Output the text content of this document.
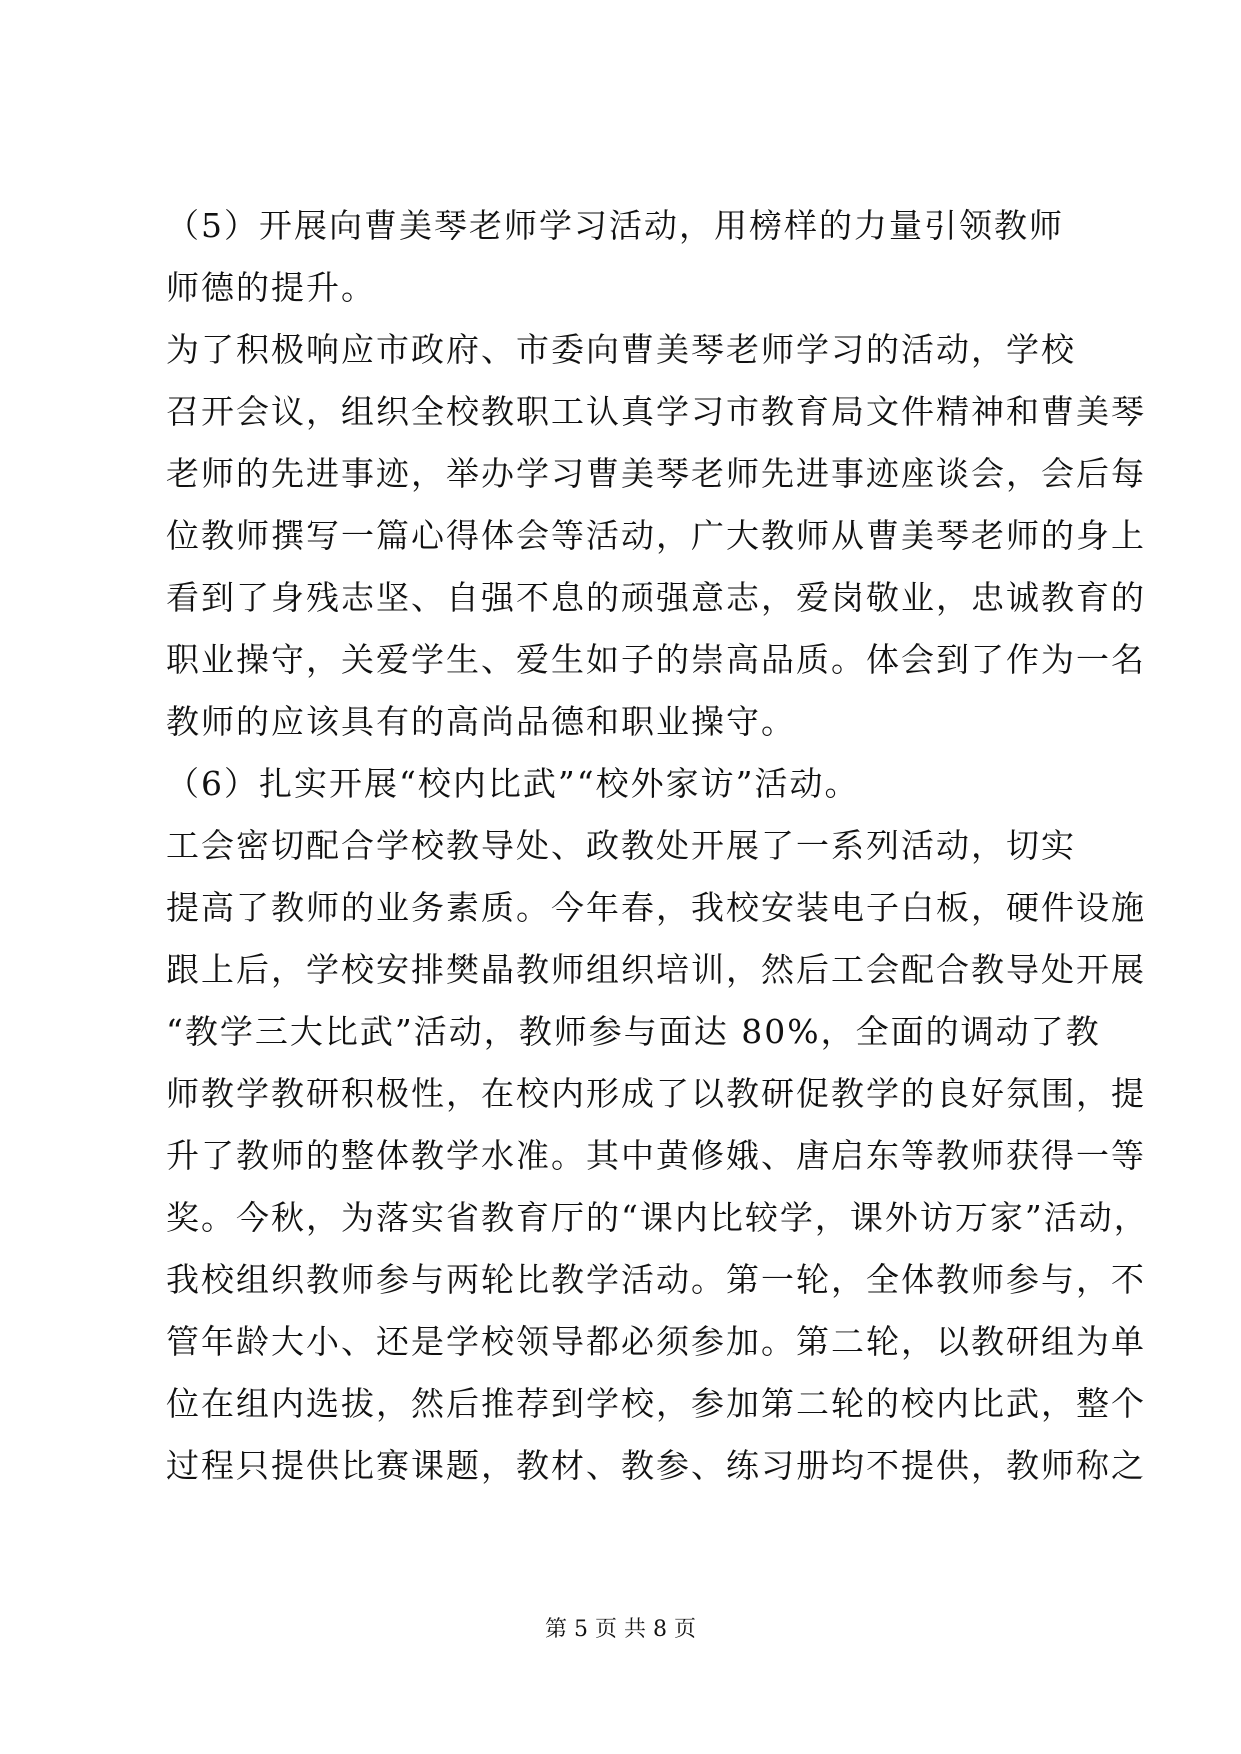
（5）开展向曹美琴老师学习活动，用榜样的力量引领教师
师德的提升。
为了积极响应市政府、市委向曹美琴老师学习的活动，学校
召开会议，组织全校教职工认真学习市教育局文件精神和曹美琴
老师的先进事迹，举办学习曹美琴老师先进事迹座谈会，会后每
位教师撰写一篇心得体会等活动，广大教师从曹美琴老师的身上
看到了身残志坚、自强不息的顽强意志，爱岗敬业，忠诚教育的
职业操守，关爱学生、爱生如子的崇高品质。体会到了作为一名
教师的应该具有的高尚品德和职业操守。
（6）扎实开展“校内比武”“校外家访”活动。
工会密切配合学校教导处、政教处开展了一系列活动，切实
提高了教师的业务素质。今年春，我校安装电子白板，硬件设施
跟上后，学校安排樊晶教师组织培训，然后工会配合教导处开展
“教学三大比武”活动，教师参与面达 80%，全面的调动了教
师教学教研积极性，在校内形成了以教研促教学的良好氛围，提
升了教师的整体教学水准。其中黄修娥、唐启东等教师获得一等
奖。今秋，为落实省教育厅的“课内比较学，课外访万家”活动，
我校组织教师参与两轮比教学活动。第一轮，全体教师参与，不
管年龄大小、还是学校领导都必须参加。第二轮，以教研组为单
位在组内选拔，然后推荐到学校，参加第二轮的校内比武，整个
过程只提供比赛课题，教材、教参、练习册均不提供，教师称之
第 5 页 共 8 页
